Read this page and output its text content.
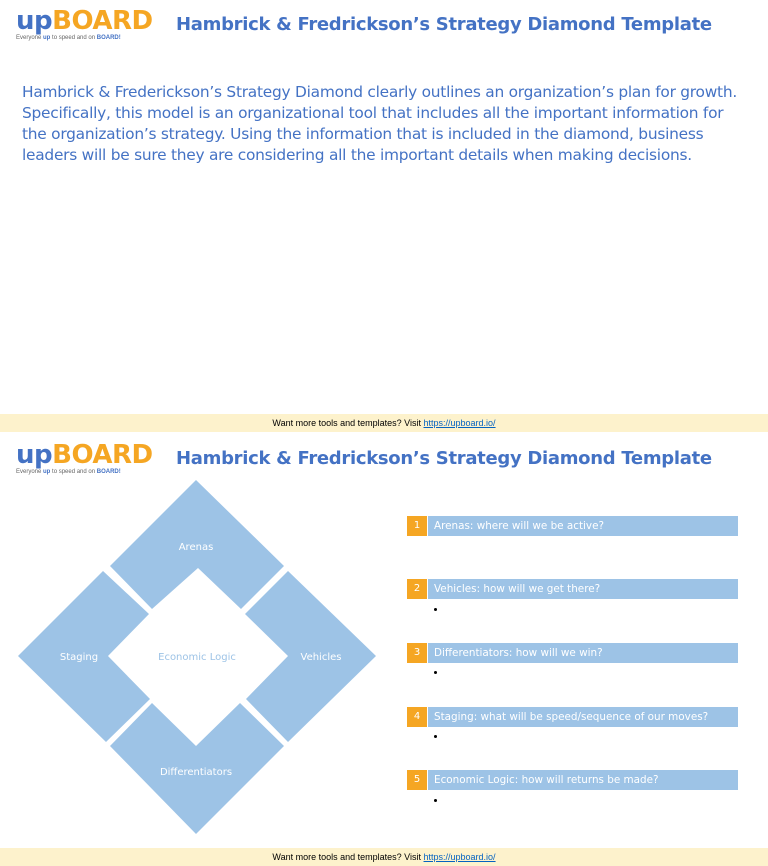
upBOARD
Everyone up to speed and on BOARD!
Hambrick & Fredrickson’s Strategy Diamond Template

Hambrick & Frederickson’s Strategy Diamond clearly outlines an organization’s plan for growth. Specifically, this model is an organizational tool that includes all the important information for the organization’s strategy. Using the information that is included in the diamond, business leaders will be sure they are considering all the important details when making decisions.

Want more tools and templates? Visit https://upboard.io/
upBOARD
Everyone up to speed and on BOARD!
Hambrick & Fredrickson’s Strategy Diamond Template
Arenas
Staging	Vehicles
Differentiators
Economic Logic
1	Arenas: where will we be active?
2	Vehicles: how will we get there?
3	Differentiators: how will we win?
4	Staging: what will be speed/sequence of our moves?
5	Economic Logic: how will returns be made?
Want more tools and templates? Visit https://upboard.io/
